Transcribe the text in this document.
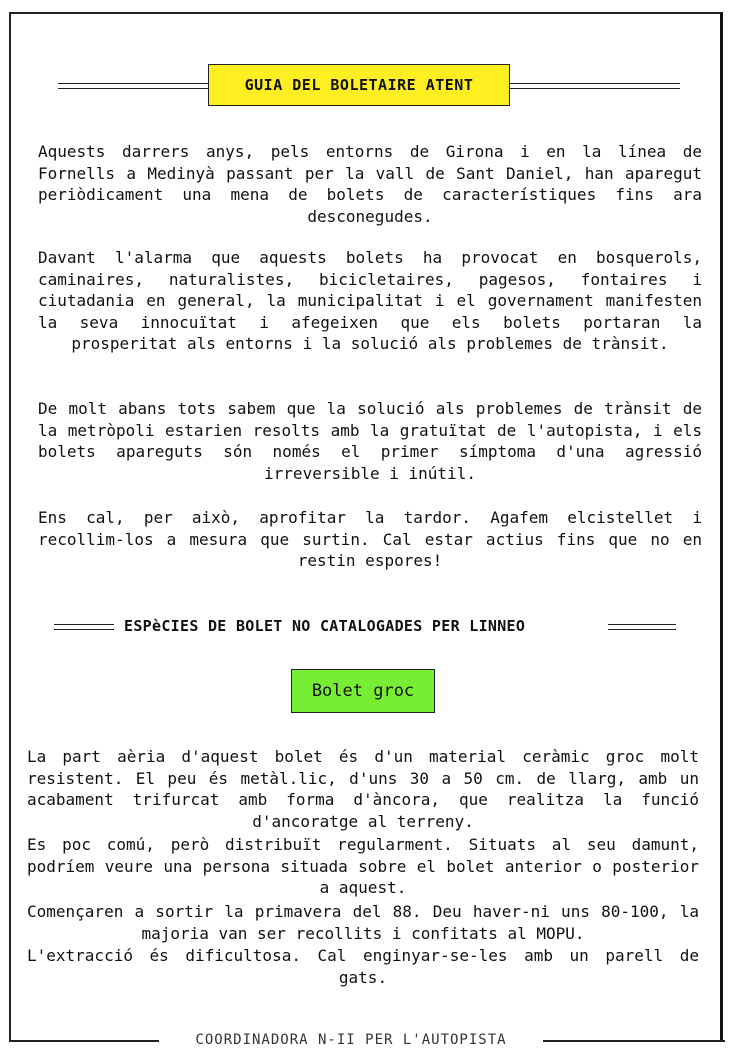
GUIA DEL BOLETAIRE ATENT
Aquests darrers anys, pels entorns de Girona i en la línea de Fornells a Medinyà passant per la vall de Sant Daniel, han aparegut periòdicament una mena de bolets de característiques fins ara desconegudes.
Davant l'alarma que aquests bolets ha provocat en bosquerols, caminaires, naturalistes, bicicletaires, pagesos, fontaires i ciutadania en general, la municipalitat i el governament manifesten la seva innocuïtat i afegeixen que els bolets portaran la prosperitat als entorns i la solució als problemes de trànsit.
De molt abans tots sabem que la solució als problemes de trànsit de la metròpoli estarien resolts amb la gratuïtat de l'autopista, i els bolets apareguts són només el primer símptoma d'una agressió irreversible i inútil.
Ens cal, per això, aprofitar la tardor. Agafem elcistellet i recollim-los a mesura que surtin. Cal estar actius fins que no en restin espores!
ESPèCIES DE BOLET NO CATALOGADES PER LINNEO
Bolet groc
La part aèria d'aquest bolet és d'un material ceràmic groc molt resistent. El peu és metàl.lic, d'uns 30 a 50 cm. de llarg, amb un acabament trifurcat amb forma d'àncora, que realitza la funció d'ancoratge al terreny.
Es poc comú, però distribuït regularment. Situats al seu damunt, podríem veure una persona situada sobre el bolet anterior o posterior a aquest.
Començaren a sortir la primavera del 88. Deu haver-ni uns 80-100, la majoria van ser recollits i confitats al MOPU.
L'extracció és dificultosa. Cal enginyar-se-les amb un parell de gats.
COORDINADORA N-II PER L'AUTOPISTA
